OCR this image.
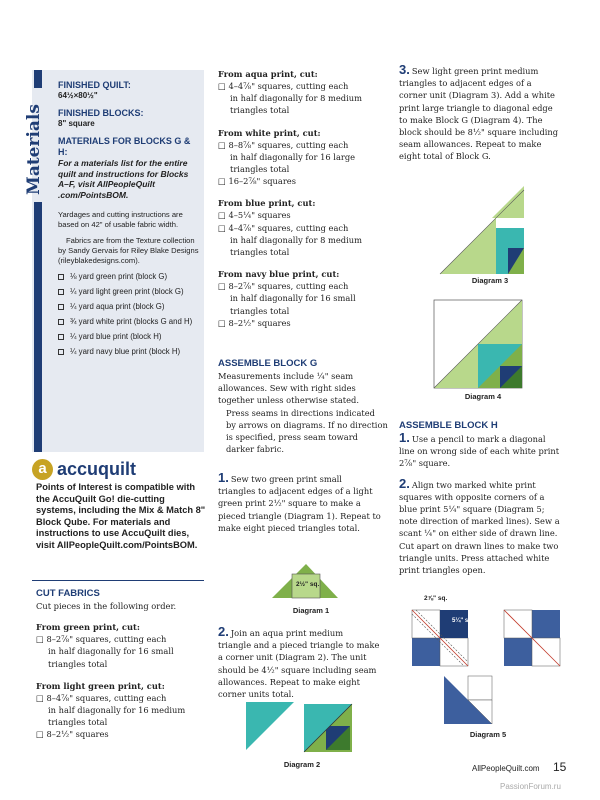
Materials
FINISHED QUILT:
64½×80½"
FINISHED BLOCKS:
8" square
MATERIALS FOR BLOCKS G & H:
For a materials list for the entire quilt and instructions for Blocks A–F, visit AllPeopleQuilt .com/PointsBOM.

Yardages and cutting instructions are based on 42" of usable fabric width.

Fabrics are from the Texture collection by Sandy Gervais for Riley Blake Designs (rileyblakedesigns.com).

⅛ yard green print (block G)
¼ yard light green print (block G)
¼ yard aqua print (block G)
¾ yard white print (blocks G and H)
¼ yard blue print (block H)
¼ yard navy blue print (block H)
a accuquilt
Points of Interest is compatible with the AccuQuilt Go! die-cutting systems, including the Mix & Match 8" Block Qube. For materials and instructions to use AccuQuilt dies, visit AllPeopleQuilt.com/PointsBOM.
CUT FABRICS
Cut pieces in the following order.
From green print, cut:
□ 8–2⅞" squares, cutting each
in half diagonally for 16 small
triangles total
From light green print, cut:
□ 8–4⅞" squares, cutting each
in half diagonally for 16 medium
triangles total
□ 8–2½" squares
From aqua print, cut:
□ 4–4⅞" squares, cutting each
in half diagonally for 8 medium
triangles total
From white print, cut:
□ 8–8⅞" squares, cutting each
in half diagonally for 16 large
triangles total
□ 16–2⅞" squares
From blue print, cut:
□ 4–5¼" squares
□ 4–4⅞" squares, cutting each
in half diagonally for 8 medium
triangles total
From navy blue print, cut:
□ 8–2⅞" squares, cutting each
in half diagonally for 16 small
triangles total
□ 8–2½" squares
ASSEMBLE BLOCK G
Measurements include ¼" seam
allowances. Sew with right sides
together unless otherwise stated.
Press seams in directions indicated
by arrows on diagrams. If no direction
is specified, press seam toward
darker fabric.
1. Sew two green print small
triangles to adjacent edges of a light
green print 2½" square to make a
pieced triangle (Diagram 1). Repeat to
make eight pieced triangles total.
2½" sq.
Diagram 1
2. Join an aqua print medium
triangle and a pieced triangle to make
a corner unit (Diagram 2). The unit
should be 4½" square including seam
allowances. Repeat to make eight
corner units total.
Diagram 2
3. Sew light green print medium
triangles to adjacent edges of a
corner unit (Diagram 3). Add a white
print large triangle to diagonal edge
to make Block G (Diagram 4). The
block should be 8½" square including
seam allowances. Repeat to make
eight total of Block G.
Diagram 3
Diagram 4
ASSEMBLE BLOCK H
1. Use a pencil to mark a diagonal
line on wrong side of each white print
2⅞" square.
2. Align two marked white print
squares with opposite corners of a
blue print 5¼" square (Diagram 5;
note direction of marked lines). Sew a
scant ¼" on either side of drawn line.
Cut apart on drawn lines to make two
triangle units. Press attached white
print triangles open.
2⅞" sq.
5¼" sq.
Diagram 5
AllPeopleQuilt.com 15
PassionForum.ru
